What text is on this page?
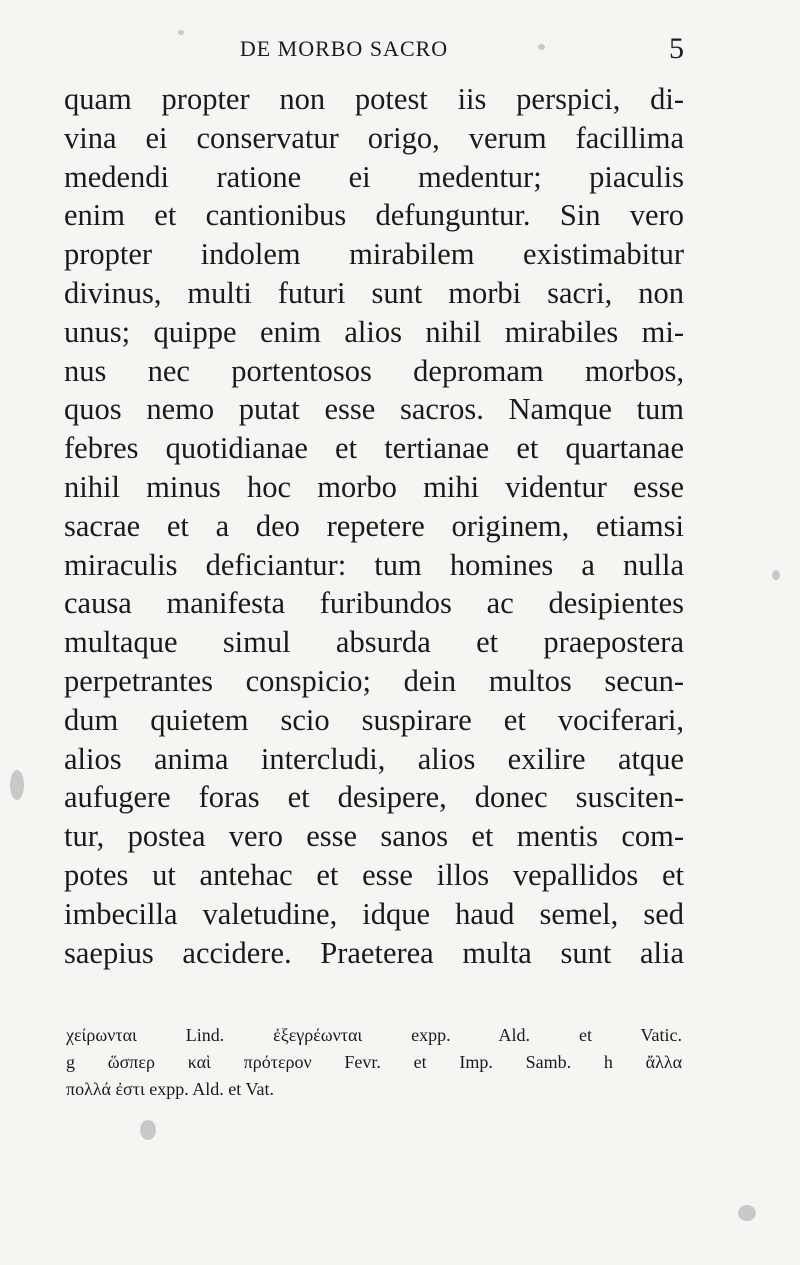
DE MORBO SACRO	5
quam propter non potest iis perspici, di-
vina ei conservatur origo, verum facillima
medendi ratione ei medentur; piaculis
enim et cantionibus defunguntur. Sin vero
propter indolem mirabilem existimabitur
divinus, multi futuri sunt morbi sacri, non
unus; quippe enim alios nihil mirabiles mi-
nus nec portentosos depromam morbos,
quos nemo putat esse sacros. Namque tum
febres quotidianae et tertianae et quartanae
nihil minus hoc morbo mihi videntur esse
sacrae et a deo repetere originem, etiamsi
miraculis deficiantur: tum homines a nulla
causa manifesta furibundos ac desipientes
multaque simul absurda et praepostera
perpetrantes conspicio; dein multos secun-
dum quietem scio suspirare et vociferari,
alios anima intercludi, alios exilire atque
aufugere foras et desipere, donec susciten-
tur, postea vero esse sanos et mentis com-
potes ut antehac et esse illos vepallidos et
imbecilla valetudine, idque haud semel, sed
saepius accidere. Praeterea multa sunt alia
χείρωνται Lind. ἐξεγρέωνται expp. Ald. et Vatic.
g ὥσπερ καὶ πρότερον Fevr. et Imp. Samb. h ἄλλα
πολλά ἐστι expp. Ald. et Vat.
